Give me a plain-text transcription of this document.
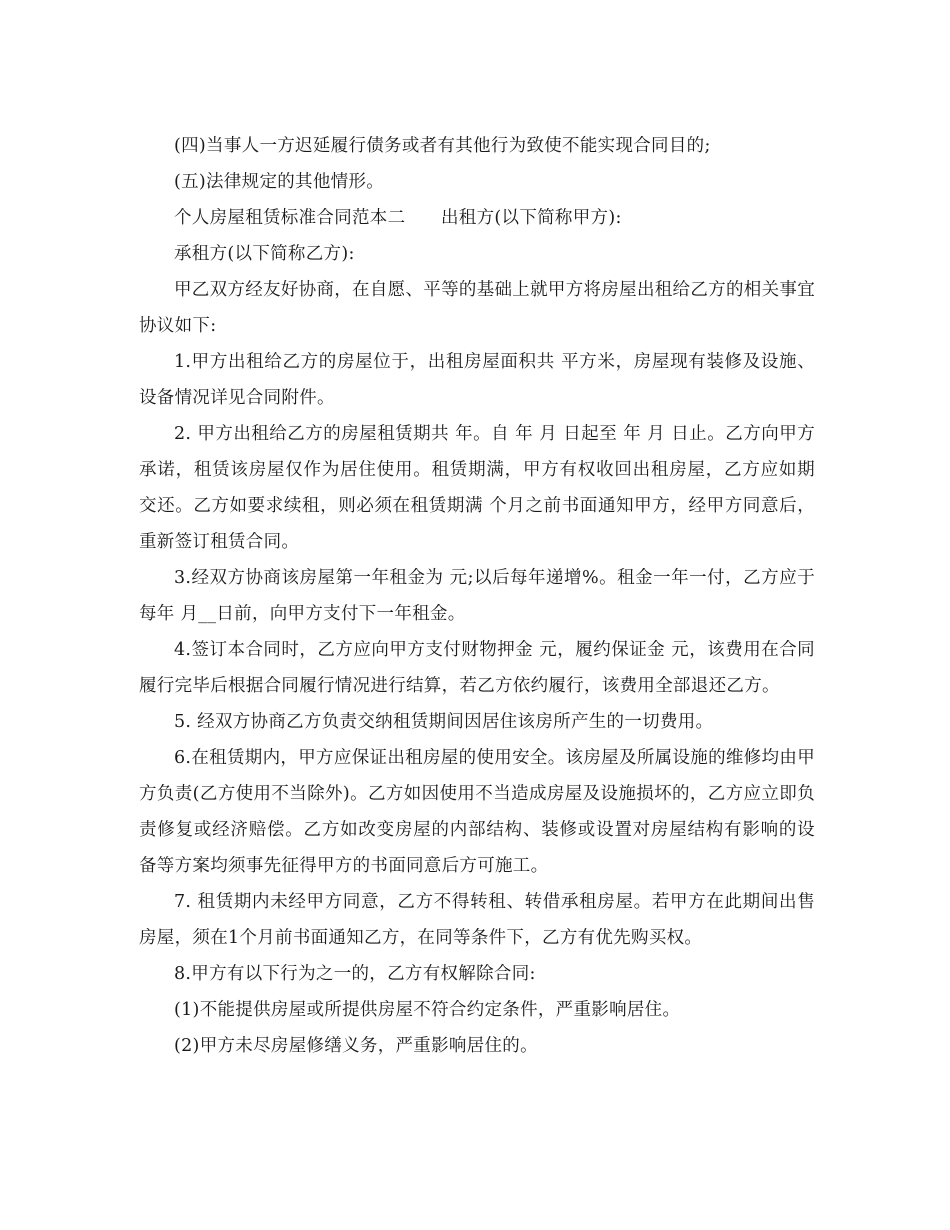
(四)当事人一方迟延履行债务或者有其他行为致使不能实现合同目的;

(五)法律规定的其他情形。

个人房屋租赁标准合同范本二　　出租方(以下简称甲方):

承租方(以下简称乙方):

甲乙双方经友好协商，在自愿、平等的基础上就甲方将房屋出租给乙方的相关事宜协议如下:

1.甲方出租给乙方的房屋位于，出租房屋面积共 平方米，房屋现有装修及设施、设备情况详见合同附件。

2. 甲方出租给乙方的房屋租赁期共 年。自 年 月 日起至 年 月 日止。乙方向甲方承诺，租赁该房屋仅作为居住使用。租赁期满，甲方有权收回出租房屋，乙方应如期交还。乙方如要求续租，则必须在租赁期满 个月之前书面通知甲方，经甲方同意后，重新签订租赁合同。

3.经双方协商该房屋第一年租金为 元;以后每年递增%。租金一年一付，乙方应于每年 月__日前，向甲方支付下一年租金。

4.签订本合同时，乙方应向甲方支付财物押金 元，履约保证金 元，该费用在合同履行完毕后根据合同履行情况进行结算，若乙方依约履行，该费用全部退还乙方。

5. 经双方协商乙方负责交纳租赁期间因居住该房所产生的一切费用。

6.在租赁期内，甲方应保证出租房屋的使用安全。该房屋及所属设施的维修均由甲方负责(乙方使用不当除外)。乙方如因使用不当造成房屋及设施损坏的，乙方应立即负责修复或经济赔偿。乙方如改变房屋的内部结构、装修或设置对房屋结构有影响的设备等方案均须事先征得甲方的书面同意后方可施工。

7. 租赁期内未经甲方同意，乙方不得转租、转借承租房屋。若甲方在此期间出售房屋，须在1个月前书面通知乙方，在同等条件下，乙方有优先购买权。

8.甲方有以下行为之一的，乙方有权解除合同:

(1)不能提供房屋或所提供房屋不符合约定条件，严重影响居住。

(2)甲方未尽房屋修缮义务，严重影响居住的。
